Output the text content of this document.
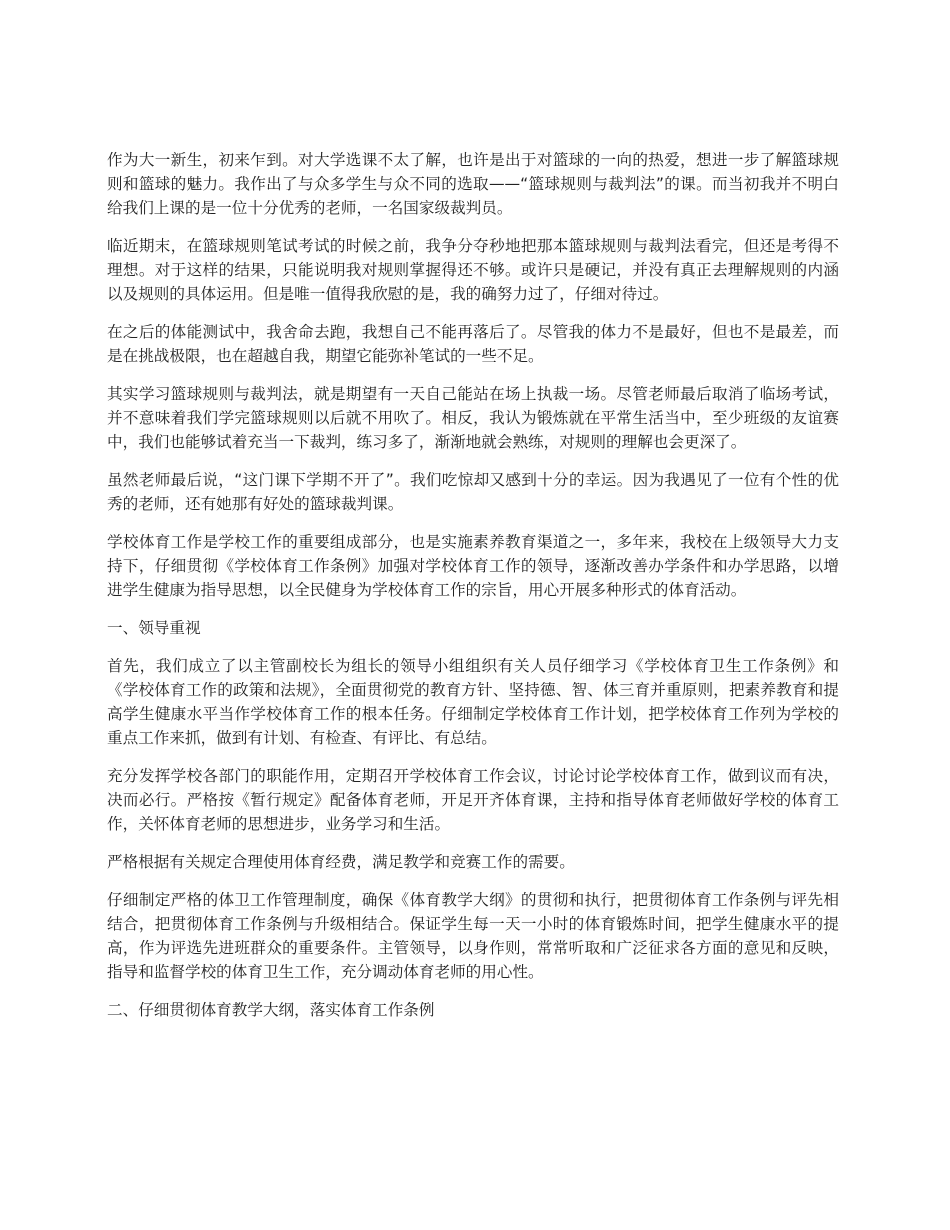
作为大一新生，初来乍到。对大学选课不太了解，也许是出于对篮球的一向的热爱，想进一步了解篮球规则和篮球的魅力。我作出了与众多学生与众不同的选取——“篮球规则与裁判法”的课。而当初我并不明白给我们上课的是一位十分优秀的老师，一名国家级裁判员。

临近期末，在篮球规则笔试考试的时候之前，我争分夺秒地把那本篮球规则与裁判法看完，但还是考得不理想。对于这样的结果，只能说明我对规则掌握得还不够。或许只是硬记，并没有真正去理解规则的内涵以及规则的具体运用。但是唯一值得我欣慰的是，我的确努力过了，仔细对待过。

在之后的体能测试中，我舍命去跑，我想自己不能再落后了。尽管我的体力不是最好，但也不是最差，而是在挑战极限，也在超越自我，期望它能弥补笔试的一些不足。

其实学习篮球规则与裁判法，就是期望有一天自己能站在场上执裁一场。尽管老师最后取消了临场考试，并不意味着我们学完篮球规则以后就不用吹了。相反，我认为锻炼就在平常生活当中，至少班级的友谊赛中，我们也能够试着充当一下裁判，练习多了，渐渐地就会熟练，对规则的理解也会更深了。

虽然老师最后说，“这门课下学期不开了”。我们吃惊却又感到十分的幸运。因为我遇见了一位有个性的优秀的老师，还有她那有好处的篮球裁判课。

学校体育工作是学校工作的重要组成部分，也是实施素养教育渠道之一，多年来，我校在上级领导大力支持下，仔细贯彻《学校体育工作条例》加强对学校体育工作的领导，逐渐改善办学条件和办学思路，以增进学生健康为指导思想，以全民健身为学校体育工作的宗旨，用心开展多种形式的体育活动。

一、领导重视

首先，我们成立了以主管副校长为组长的领导小组组织有关人员仔细学习《学校体育卫生工作条例》和《学校体育工作的政策和法规》，全面贯彻党的教育方针、坚持德、智、体三育并重原则，把素养教育和提高学生健康水平当作学校体育工作的根本任务。仔细制定学校体育工作计划，把学校体育工作列为学校的重点工作来抓，做到有计划、有检查、有评比、有总结。

充分发挥学校各部门的职能作用，定期召开学校体育工作会议，讨论讨论学校体育工作，做到议而有决，决而必行。严格按《暂行规定》配备体育老师，开足开齐体育课，主持和指导体育老师做好学校的体育工作，关怀体育老师的思想进步，业务学习和生活。

严格根据有关规定合理使用体育经费，满足教学和竞赛工作的需要。

仔细制定严格的体卫工作管理制度，确保《体育教学大纲》的贯彻和执行，把贯彻体育工作条例与评先相结合，把贯彻体育工作条例与升级相结合。保证学生每一天一小时的体育锻炼时间，把学生健康水平的提高，作为评选先进班群众的重要条件。主管领导，以身作则，常常听取和广泛征求各方面的意见和反映，指导和监督学校的体育卫生工作，充分调动体育老师的用心性。

二、仔细贯彻体育教学大纲，落实体育工作条例
